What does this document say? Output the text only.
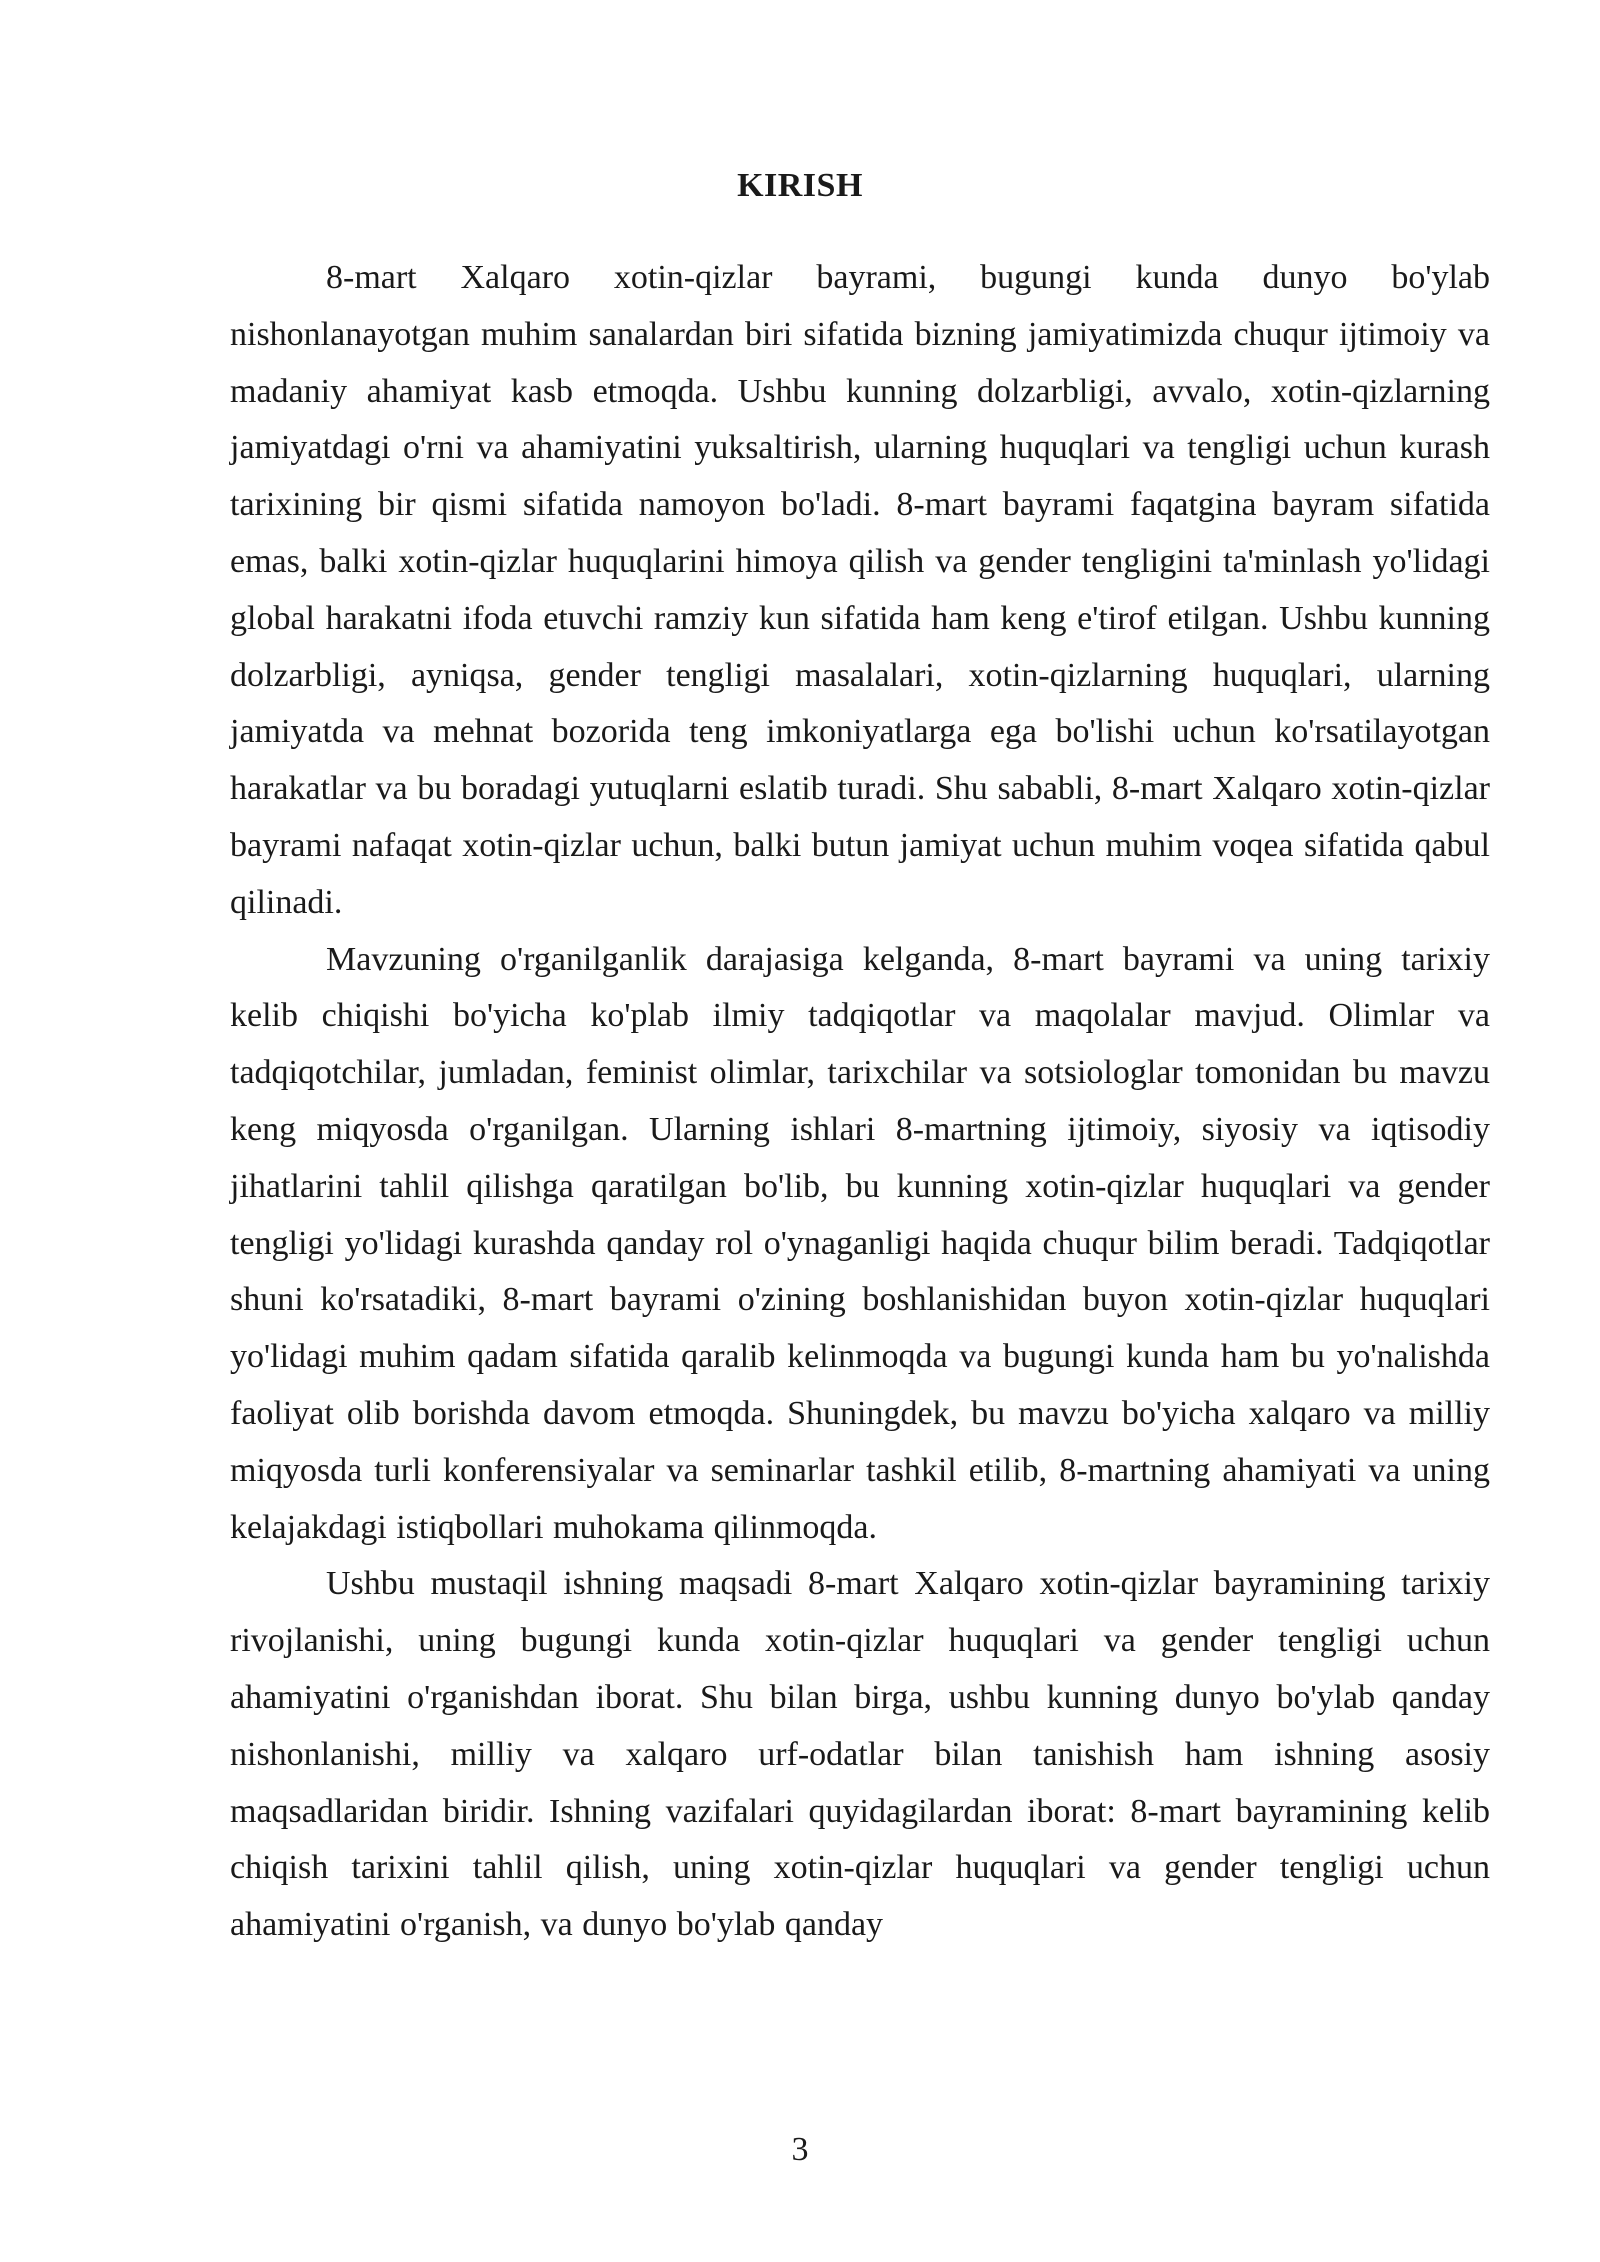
KIRISH

8-mart Xalqaro xotin-qizlar bayrami, bugungi kunda dunyo bo'ylab nishonlanayotgan muhim sanalardan biri sifatida bizning jamiyatimizda chuqur ijtimoiy va madaniy ahamiyat kasb etmoqda. Ushbu kunning dolzarbligi, avvalo, xotin-qizlarning jamiyatdagi o'rni va ahamiyatini yuksaltirish, ularning huquqlari va tengligi uchun kurash tarixining bir qismi sifatida namoyon bo'ladi. 8-mart bayrami faqatgina bayram sifatida emas, balki xotin-qizlar huquqlarini himoya qilish va gender tengligini ta'minlash yo'lidagi global harakatni ifoda etuvchi ramziy kun sifatida ham keng e'tirof etilgan. Ushbu kunning dolzarbligi, ayniqsa, gender tengligi masalalari, xotin-qizlarning huquqlari, ularning jamiyatda va mehnat bozorida teng imkoniyatlarga ega bo'lishi uchun ko'rsatilayotgan harakatlar va bu boradagi yutuqlarni eslatib turadi. Shu sababli, 8-mart Xalqaro xotin-qizlar bayrami nafaqat xotin-qizlar uchun, balki butun jamiyat uchun muhim voqea sifatida qabul qilinadi.

Mavzuning o'rganilganlik darajasiga kelganda, 8-mart bayrami va uning tarixiy kelib chiqishi bo'yicha ko'plab ilmiy tadqiqotlar va maqolalar mavjud. Olimlar va tadqiqotchilar, jumladan, feminist olimlar, tarixchilar va sotsiologlar tomonidan bu mavzu keng miqyosda o'rganilgan. Ularning ishlari 8-martning ijtimoiy, siyosiy va iqtisodiy jihatlarini tahlil qilishga qaratilgan bo'lib, bu kunning xotin-qizlar huquqlari va gender tengligi yo'lidagi kurashda qanday rol o'ynaganligi haqida chuqur bilim beradi. Tadqiqotlar shuni ko'rsatadiki, 8-mart bayrami o'zining boshlanishidan buyon xotin-qizlar huquqlari yo'lidagi muhim qadam sifatida qaralib kelinmoqda va bugungi kunda ham bu yo'nalishda faoliyat olib borishda davom etmoqda. Shuningdek, bu mavzu bo'yicha xalqaro va milliy miqyosda turli konferensiyalar va seminarlar tashkil etilib, 8-martning ahamiyati va uning kelajakdagi istiqbollari muhokama qilinmoqda.

Ushbu mustaqil ishning maqsadi 8-mart Xalqaro xotin-qizlar bayramining tarixiy rivojlanishi, uning bugungi kunda xotin-qizlar huquqlari va gender tengligi uchun ahamiyatini o'rganishdan iborat. Shu bilan birga, ushbu kunning dunyo bo'ylab qanday nishonlanishi, milliy va xalqaro urf-odatlar bilan tanishish ham ishning asosiy maqsadlaridan biridir. Ishning vazifalari quyidagilardan iborat: 8-mart bayramining kelib chiqish tarixini tahlil qilish, uning xotin-qizlar huquqlari va gender tengligi uchun ahamiyatini o'rganish, va dunyo bo'ylab qanday

3
